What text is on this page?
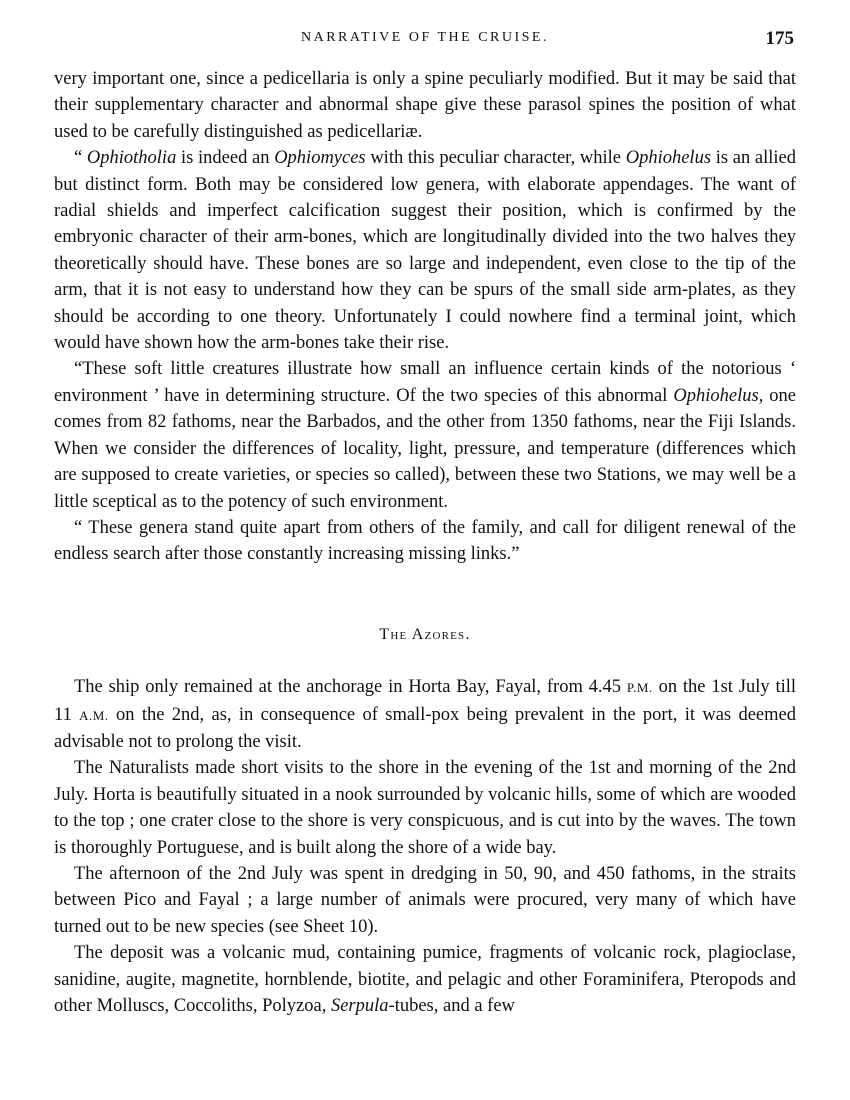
NARRATIVE OF THE CRUISE.	175

very important one, since a pedicellaria is only a spine peculiarly modified. But it may be said that their supplementary character and abnormal shape give these parasol spines the position of what used to be carefully distinguished as pedicellariæ.

“ Ophiotholia is indeed an Ophiomyces with this peculiar character, while Ophiohelus is an allied but distinct form. Both may be considered low genera, with elaborate appendages. The want of radial shields and imperfect calcification suggest their position, which is confirmed by the embryonic character of their arm-bones, which are longitudinally divided into the two halves they theoretically should have. These bones are so large and independent, even close to the tip of the arm, that it is not easy to understand how they can be spurs of the small side arm-plates, as they should be according to one theory. Unfortunately I could nowhere find a terminal joint, which would have shown how the arm-bones take their rise.

“These soft little creatures illustrate how small an influence certain kinds of the notorious ‘ environment ’ have in determining structure. Of the two species of this abnormal Ophiohelus, one comes from 82 fathoms, near the Barbados, and the other from 1350 fathoms, near the Fiji Islands. When we consider the differences of locality, light, pressure, and temperature (differences which are supposed to create varieties, or species so called), between these two Stations, we may well be a little sceptical as to the potency of such environment.

“ These genera stand quite apart from others of the family, and call for diligent renewal of the endless search after those constantly increasing missing links.”

The Azores.

The ship only remained at the anchorage in Horta Bay, Fayal, from 4.45 P.M. on the 1st July till 11 A.M. on the 2nd, as, in consequence of small-pox being prevalent in the port, it was deemed advisable not to prolong the visit.

The Naturalists made short visits to the shore in the evening of the 1st and morning of the 2nd July. Horta is beautifully situated in a nook surrounded by volcanic hills, some of which are wooded to the top ; one crater close to the shore is very conspicuous, and is cut into by the waves. The town is thoroughly Portuguese, and is built along the shore of a wide bay.

The afternoon of the 2nd July was spent in dredging in 50, 90, and 450 fathoms, in the straits between Pico and Fayal ; a large number of animals were procured, very many of which have turned out to be new species (see Sheet 10).

The deposit was a volcanic mud, containing pumice, fragments of volcanic rock, plagioclase, sanidine, augite, magnetite, hornblende, biotite, and pelagic and other Foraminifera, Pteropods and other Molluscs, Coccoliths, Polyzoa, Serpula-tubes, and a few
